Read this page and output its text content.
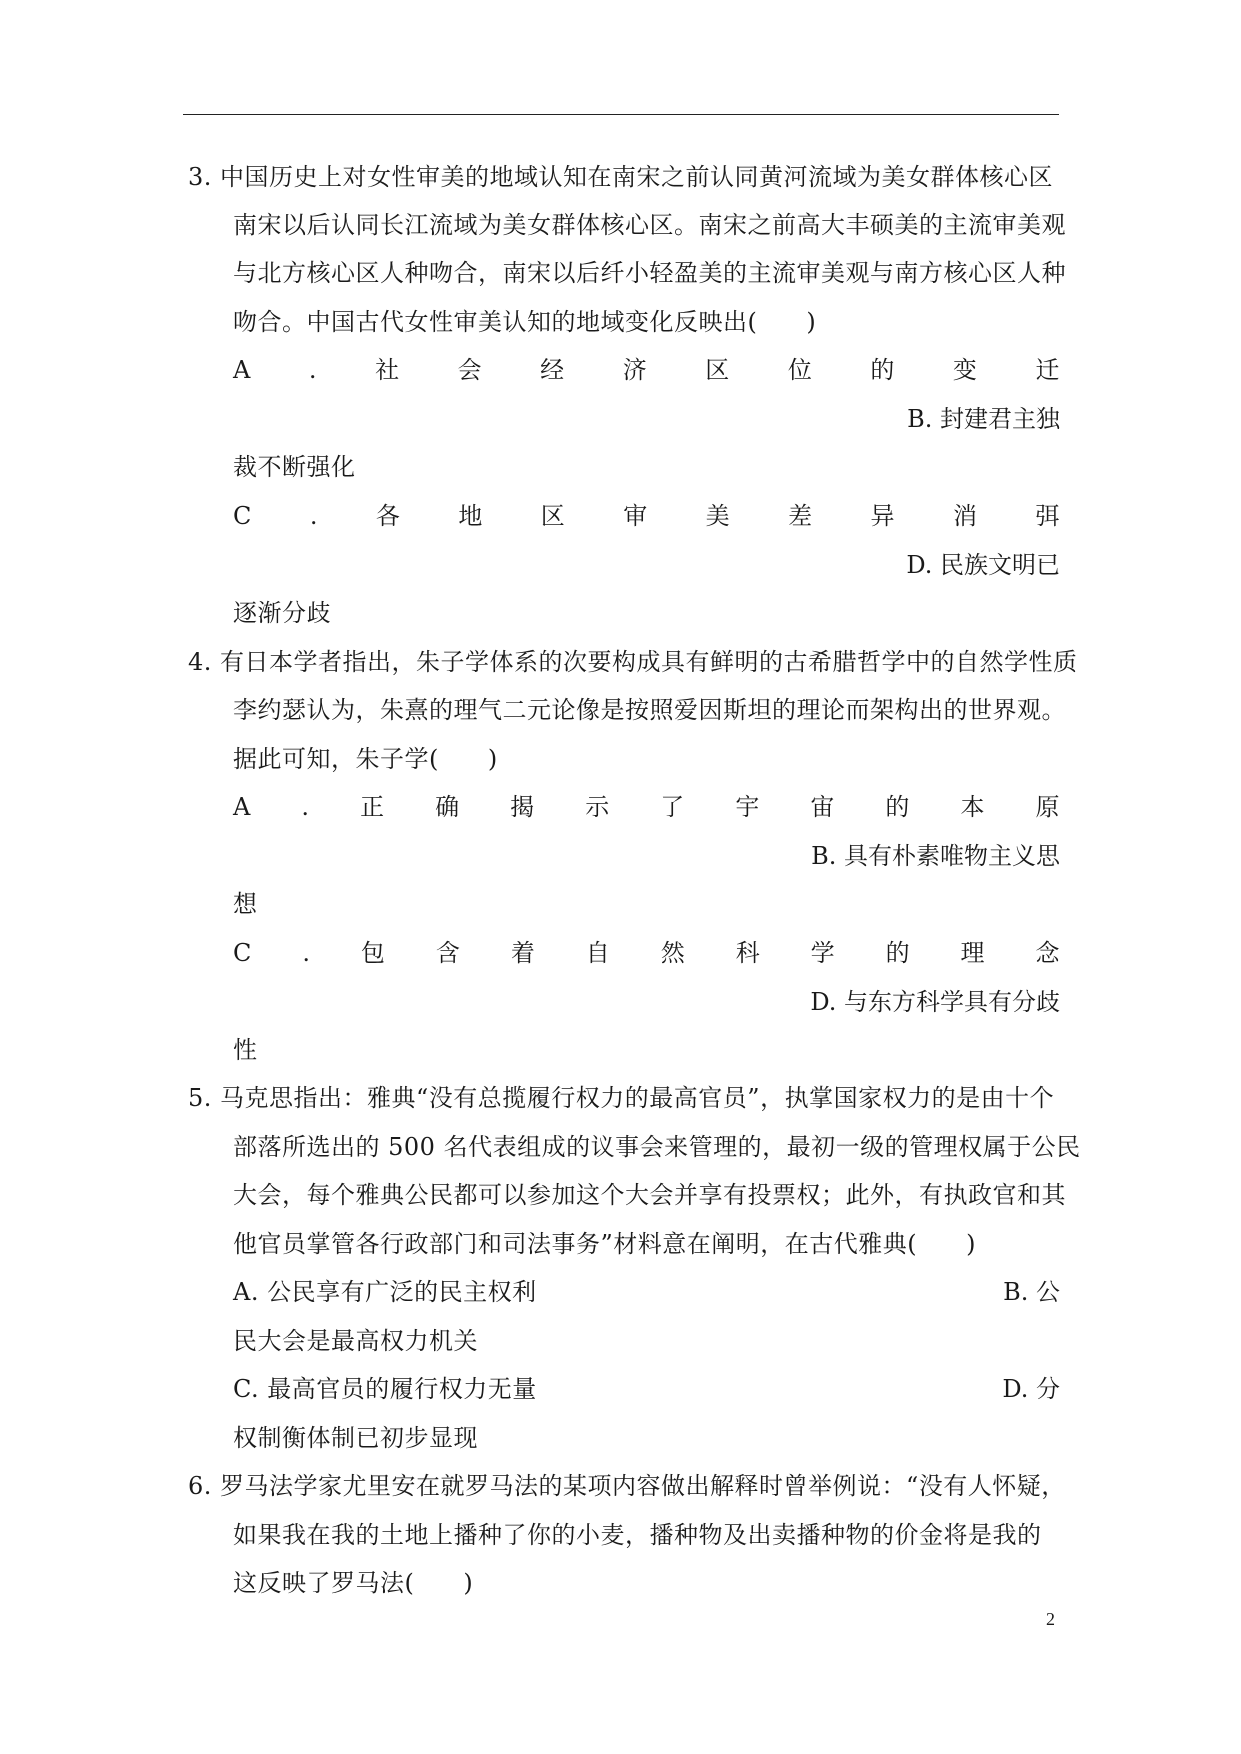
3. 中国历史上对女性审美的地域认知在南宋之前认同黄河流域为美女群体核心区
南宋以后认同长江流域为美女群体核心区。南宋之前高大丰硕美的主流审美观
与北方核心区人种吻合，南宋以后纤小轻盈美的主流审美观与南方核心区人种
吻合。中国古代女性审美认知的地域变化反映出(　　)
A . 社 会 经 济 区 位 的 变 迁
B. 封建君主独
裁不断强化
C . 各 地 区 审 美 差 异 消 弭
D. 民族文明已
逐渐分歧
4. 有日本学者指出，朱子学体系的次要构成具有鲜明的古希腊哲学中的自然学性质
李约瑟认为，朱熹的理气二元论像是按照爱因斯坦的理论而架构出的世界观。
据此可知，朱子学(　　)
A . 正 确 揭 示 了 宇 宙 的 本 原
B. 具有朴素唯物主义思
想
C . 包 含 着 自 然 科 学 的 理 念
D. 与东方科学具有分歧
性
5. 马克思指出：雅典“没有总揽履行权力的最高官员”，执掌国家权力的是由十个
部落所选出的 500 名代表组成的议事会来管理的，最初一级的管理权属于公民
大会，每个雅典公民都可以参加这个大会并享有投票权；此外，有执政官和其
他官员掌管各行政部门和司法事务”材料意在阐明，在古代雅典(　　)
A. 公民享有广泛的民主权利	B. 公
民大会是最高权力机关
C. 最高官员的履行权力无量	D. 分
权制衡体制已初步显现
6. 罗马法学家尤里安在就罗马法的某项内容做出解释时曾举例说：“没有人怀疑，
如果我在我的土地上播种了你的小麦，播种物及出卖播种物的价金将是我的
这反映了罗马法(　　)
2
